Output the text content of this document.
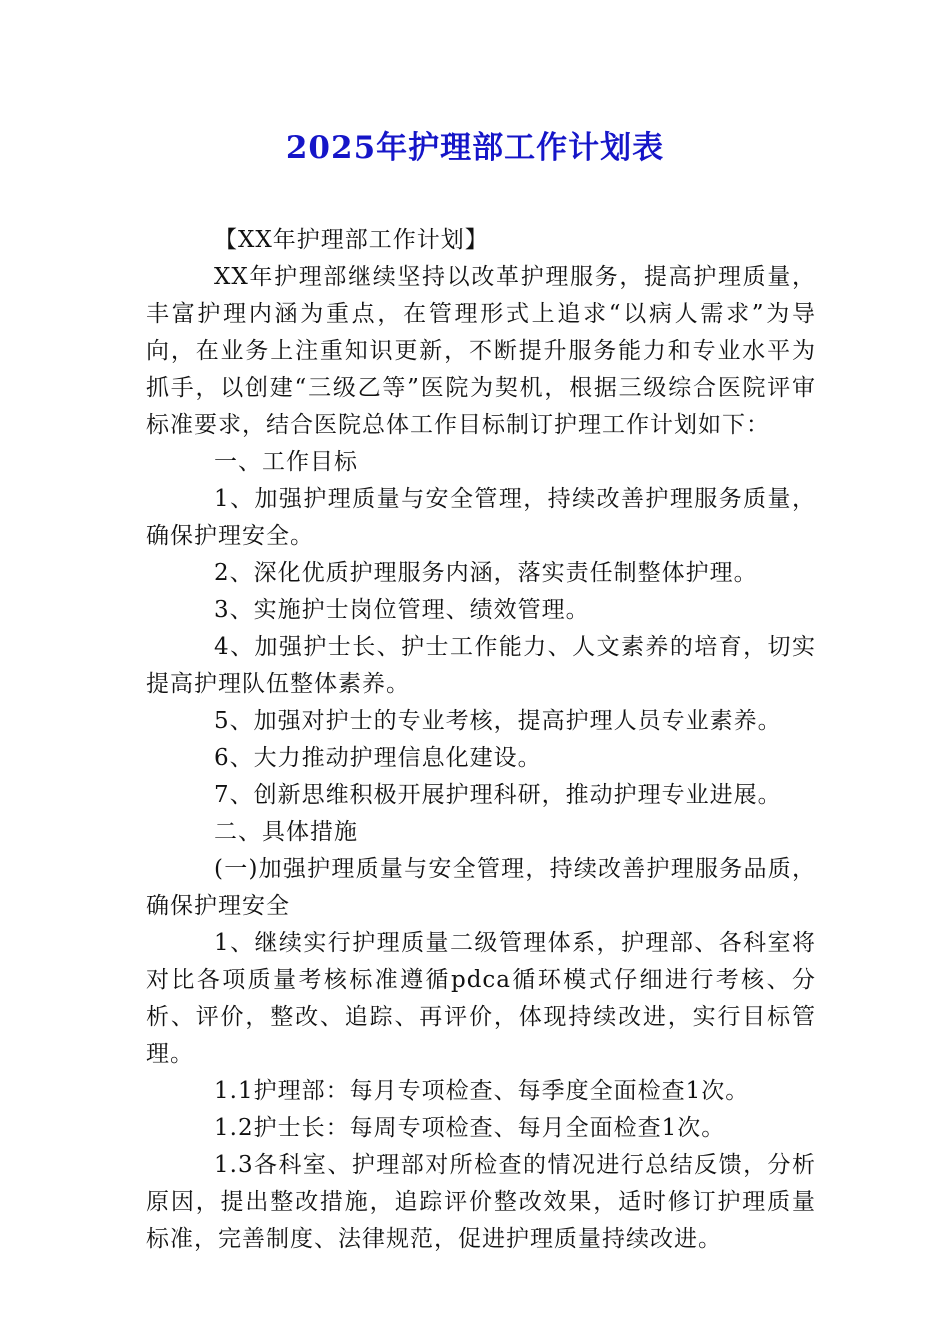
2025年护理部工作计划表

【XX年护理部工作计划】

XX年护理部继续坚持以改革护理服务，提高护理质量，丰富护理内涵为重点，在管理形式上追求“以病人需求”为导向，在业务上注重知识更新，不断提升服务能力和专业水平为抓手，以创建“三级乙等”医院为契机，根据三级综合医院评审标准要求，结合医院总体工作目标制订护理工作计划如下：

一、工作目标

1、加强护理质量与安全管理，持续改善护理服务质量，确保护理安全。

2、深化优质护理服务内涵，落实责任制整体护理。

3、实施护士岗位管理、绩效管理。

4、加强护士长、护士工作能力、人文素养的培育，切实提高护理队伍整体素养。

5、加强对护士的专业考核，提高护理人员专业素养。

6、大力推动护理信息化建设。

7、创新思维积极开展护理科研，推动护理专业进展。

二、具体措施

(一)加强护理质量与安全管理，持续改善护理服务品质，确保护理安全

1、继续实行护理质量二级管理体系，护理部、各科室将对比各项质量考核标准遵循pdca循环模式仔细进行考核、分析、评价，整改、追踪、再评价，体现持续改进，实行目标管理。

1.1护理部：每月专项检查、每季度全面检查1次。

1.2护士长：每周专项检查、每月全面检查1次。

1.3各科室、护理部对所检查的情况进行总结反馈，分析原因，提出整改措施，追踪评价整改效果，适时修订护理质量标准，完善制度、法律规范，促进护理质量持续改进。
